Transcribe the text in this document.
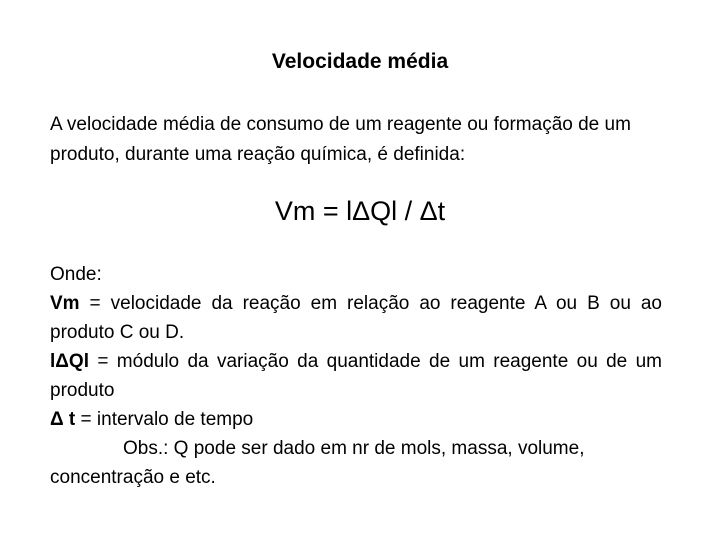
Velocidade média
A velocidade média de consumo de um reagente ou formação de um produto, durante uma reação química, é definida:
Vm = lΔQl / Δt

Onde:

Vm = velocidade da reação em relação ao reagente A ou B ou ao produto C ou D.

lΔQl = módulo da variação da quantidade de um reagente ou de um produto

Δ t = intervalo de tempo

Obs.: Q pode ser dado em nr de mols, massa, volume, concentração e etc.
